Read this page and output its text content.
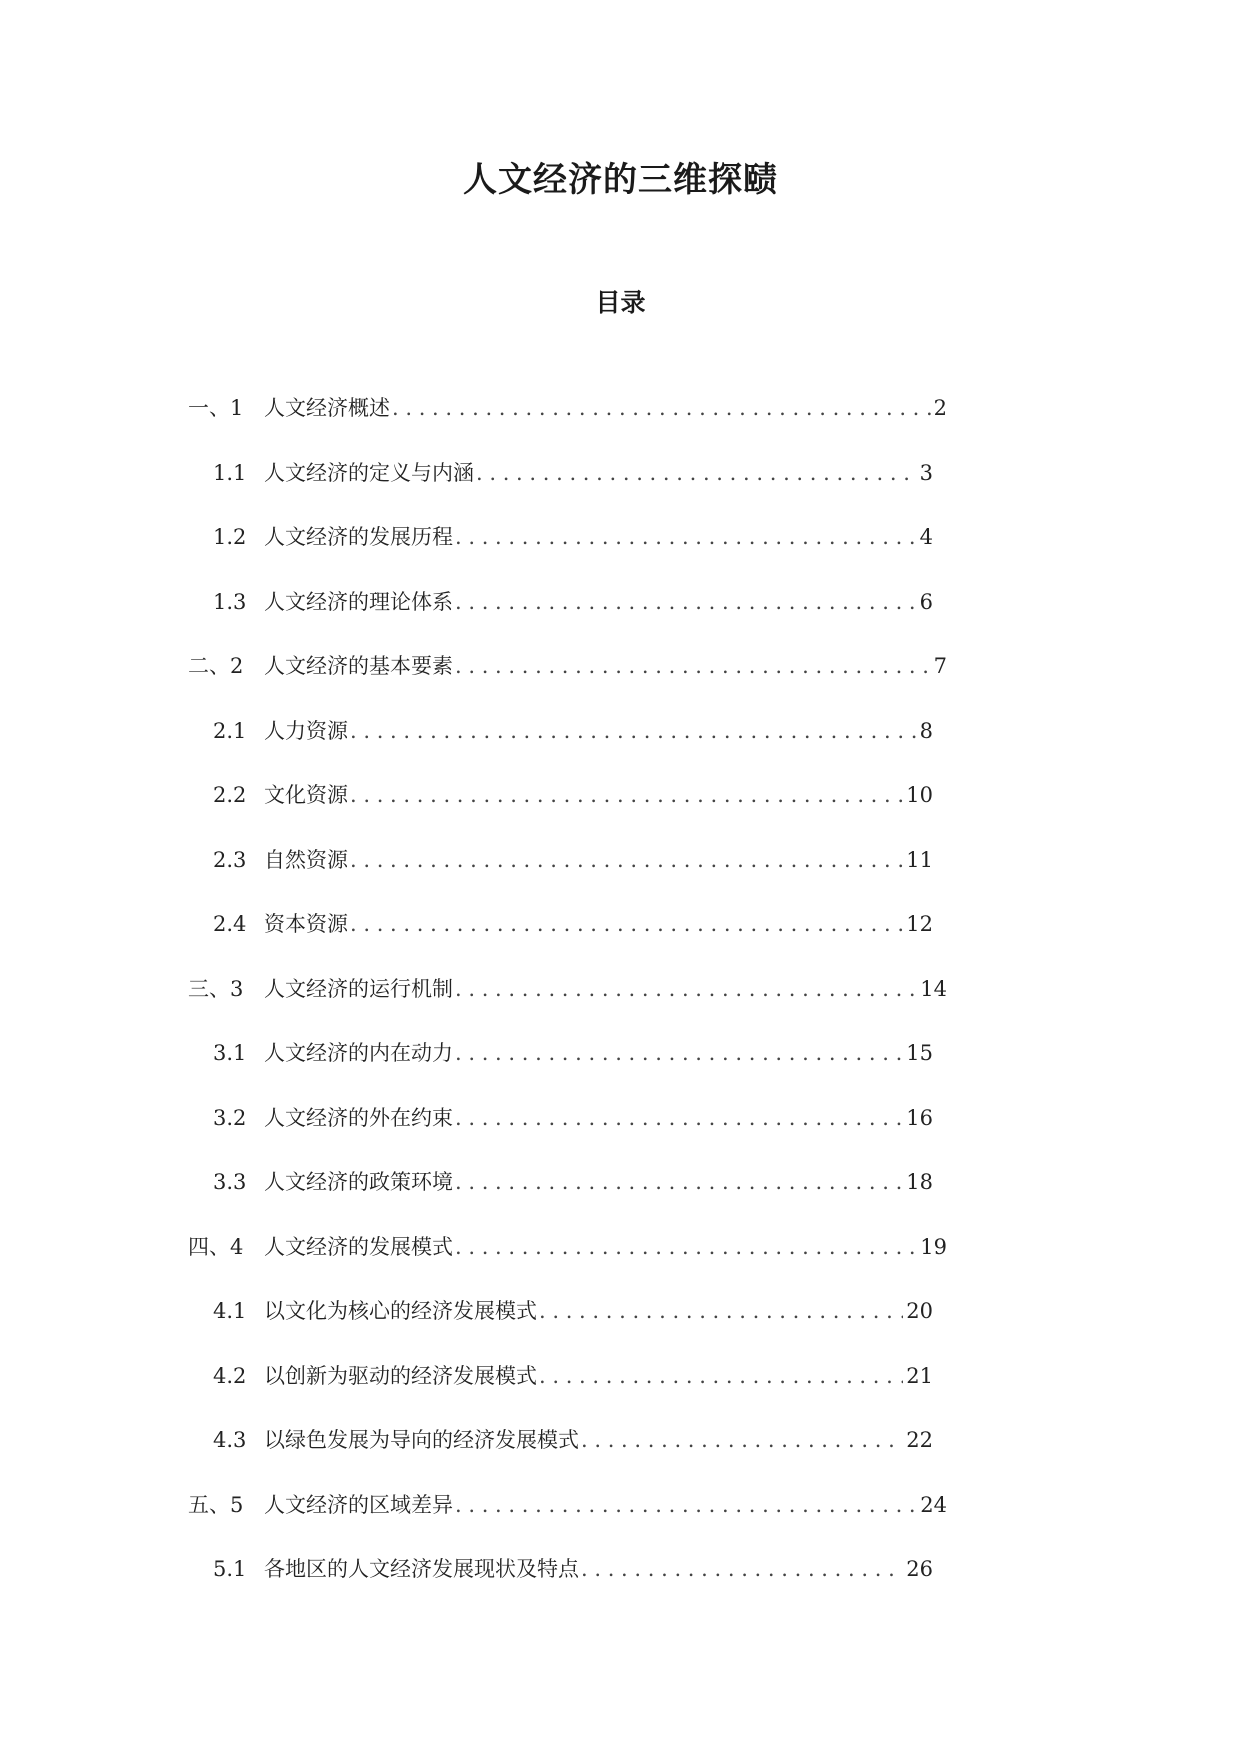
人文经济的三维探赜
目录
一、1 人文经济概述 . . .	2
1.1 人文经济的定义与内涵 . . .	3
1.2 人文经济的发展历程 . . .	4
1.3 人文经济的理论体系 . . .	6
二、2 人文经济的基本要素 . . .	7
2.1 人力资源 . . .	8
2.2 文化资源 . . .	10
2.3 自然资源 . . .	11
2.4 资本资源 . . .	12
三、3 人文经济的运行机制 . . .	14
3.1 人文经济的内在动力 . . .	15
3.2 人文经济的外在约束 . . .	16
3.3 人文经济的政策环境 . . .	18
四、4 人文经济的发展模式 . . .	19
4.1 以文化为核心的经济发展模式 . . .	20
4.2 以创新为驱动的经济发展模式 . . .	21
4.3 以绿色发展为导向的经济发展模式 . . .	22
五、5 人文经济的区域差异 . . .	24
5.1 各地区的人文经济发展现状及特点 . . .	26
